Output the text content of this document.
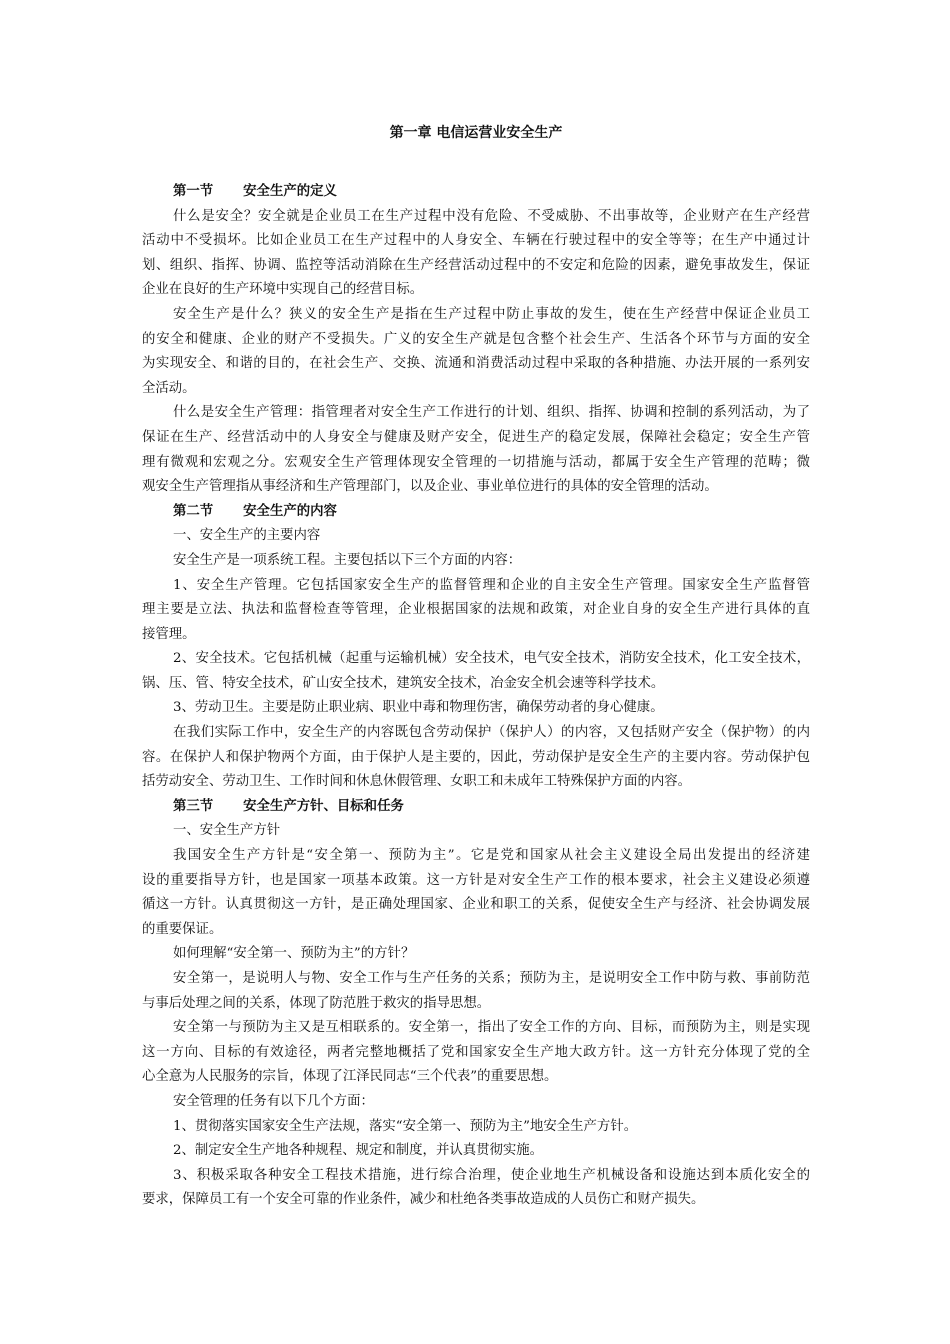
第一章 电信运营业安全生产
第一节 安全生产的定义
什么是安全？安全就是企业员工在生产过程中没有危险、不受威胁、不出事故等，企业财产在生产经营
活动中不受损坏。比如企业员工在生产过程中的人身安全、车辆在行驶过程中的安全等等；在生产中通过计
划、组织、指挥、协调、监控等活动消除在生产经营活动过程中的不安定和危险的因素，避免事故发生，保证
企业在良好的生产环境中实现自己的经营目标。
安全生产是什么？狭义的安全生产是指在生产过程中防止事故的发生，使在生产经营中保证企业员工
的安全和健康、企业的财产不受损失。广义的安全生产就是包含整个社会生产、生活各个环节与方面的安全
为实现安全、和谐的目的，在社会生产、交换、流通和消费活动过程中采取的各种措施、办法开展的一系列安
全活动。
什么是安全生产管理：指管理者对安全生产工作进行的计划、组织、指挥、协调和控制的系列活动，为了
保证在生产、经营活动中的人身安全与健康及财产安全，促进生产的稳定发展，保障社会稳定；安全生产管
理有微观和宏观之分。宏观安全生产管理体现安全管理的一切措施与活动，都属于安全生产管理的范畴；微
观安全生产管理指从事经济和生产管理部门，以及企业、事业单位进行的具体的安全管理的活动。
第二节 安全生产的内容
一、安全生产的主要内容
安全生产是一项系统工程。主要包括以下三个方面的内容：
1、安全生产管理。它包括国家安全生产的监督管理和企业的自主安全生产管理。国家安全生产监督管
理主要是立法、执法和监督检查等管理，企业根据国家的法规和政策，对企业自身的安全生产进行具体的直
接管理。
2、安全技术。它包括机械（起重与运输机械）安全技术，电气安全技术，消防安全技术，化工安全技术，
锅、压、管、特安全技术，矿山安全技术，建筑安全技术，冶金安全机会速等科学技术。
3、劳动卫生。主要是防止职业病、职业中毒和物理伤害，确保劳动者的身心健康。
在我们实际工作中，安全生产的内容既包含劳动保护（保护人）的内容，又包括财产安全（保护物）的内
容。在保护人和保护物两个方面，由于保护人是主要的，因此，劳动保护是安全生产的主要内容。劳动保护包
括劳动安全、劳动卫生、工作时间和休息休假管理、女职工和未成年工特殊保护方面的内容。
第三节 安全生产方针、目标和任务
一、安全生产方针
我国安全生产方针是“安全第一、预防为主”。它是党和国家从社会主义建设全局出发提出的经济建
设的重要指导方针，也是国家一项基本政策。这一方针是对安全生产工作的根本要求，社会主义建设必须遵
循这一方针。认真贯彻这一方针，是正确处理国家、企业和职工的关系，促使安全生产与经济、社会协调发展
的重要保证。
如何理解“安全第一、预防为主”的方针？
安全第一，是说明人与物、安全工作与生产任务的关系；预防为主，是说明安全工作中防与救、事前防范
与事后处理之间的关系，体现了防范胜于救灾的指导思想。
安全第一与预防为主又是互相联系的。安全第一，指出了安全工作的方向、目标，而预防为主，则是实现
这一方向、目标的有效途径，两者完整地概括了党和国家安全生产地大政方针。这一方针充分体现了党的全
心全意为人民服务的宗旨，体现了江泽民同志“三个代表”的重要思想。
安全管理的任务有以下几个方面：
1、贯彻落实国家安全生产法规，落实“安全第一、预防为主”地安全生产方针。
2、制定安全生产地各种规程、规定和制度，并认真贯彻实施。
3、积极采取各种安全工程技术措施，进行综合治理，使企业地生产机械设备和设施达到本质化安全的
要求，保障员工有一个安全可靠的作业条件，减少和杜绝各类事故造成的人员伤亡和财产损失。
